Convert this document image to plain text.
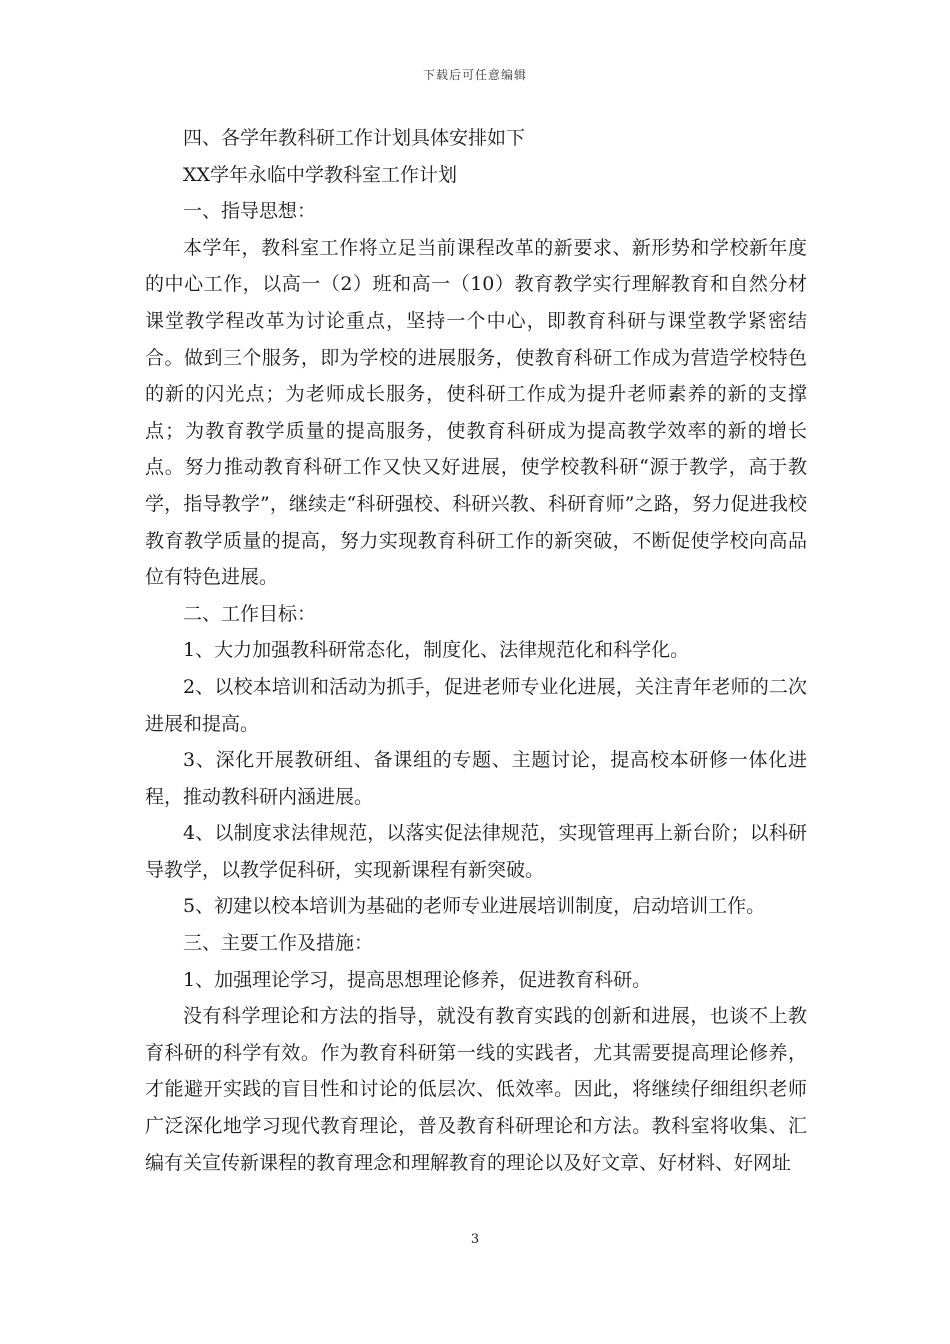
下载后可任意编辑

四、各学年教科研工作计划具体安排如下

XX学年永临中学教科室工作计划

一、指导思想：

本学年，教科室工作将立足当前课程改革的新要求、新形势和学校新年度的中心工作，以高一（2）班和高一（10）教育教学实行理解教育和自然分材课堂教学程改革为讨论重点，坚持一个中心，即教育科研与课堂教学紧密结合。做到三个服务，即为学校的进展服务，使教育科研工作成为营造学校特色的新的闪光点；为老师成长服务，使科研工作成为提升老师素养的新的支撑点；为教育教学质量的提高服务，使教育科研成为提高教学效率的新的增长点。努力推动教育科研工作又快又好进展，使学校教科研“源于教学，高于教学，指导教学”，继续走“科研强校、科研兴教、科研育师”之路，努力促进我校教育教学质量的提高，努力实现教育科研工作的新突破，不断促使学校向高品位有特色进展。

二、工作目标：

1、大力加强教科研常态化，制度化、法律规范化和科学化。

2、以校本培训和活动为抓手，促进老师专业化进展，关注青年老师的二次进展和提高。

3、深化开展教研组、备课组的专题、主题讨论，提高校本研修一体化进程，推动教科研内涵进展。

4、以制度求法律规范，以落实促法律规范，实现管理再上新台阶；以科研导教学，以教学促科研，实现新课程有新突破。

5、初建以校本培训为基础的老师专业进展培训制度，启动培训工作。

三、主要工作及措施：

1、加强理论学习，提高思想理论修养，促进教育科研。

没有科学理论和方法的指导，就没有教育实践的创新和进展，也谈不上教育科研的科学有效。作为教育科研第一线的实践者，尤其需要提高理论修养，才能避开实践的盲目性和讨论的低层次、低效率。因此，将继续仔细组织老师广泛深化地学习现代教育理论，普及教育科研理论和方法。教科室将收集、汇编有关宣传新课程的教育理念和理解教育的理论以及好文章、好材料、好网址

3
